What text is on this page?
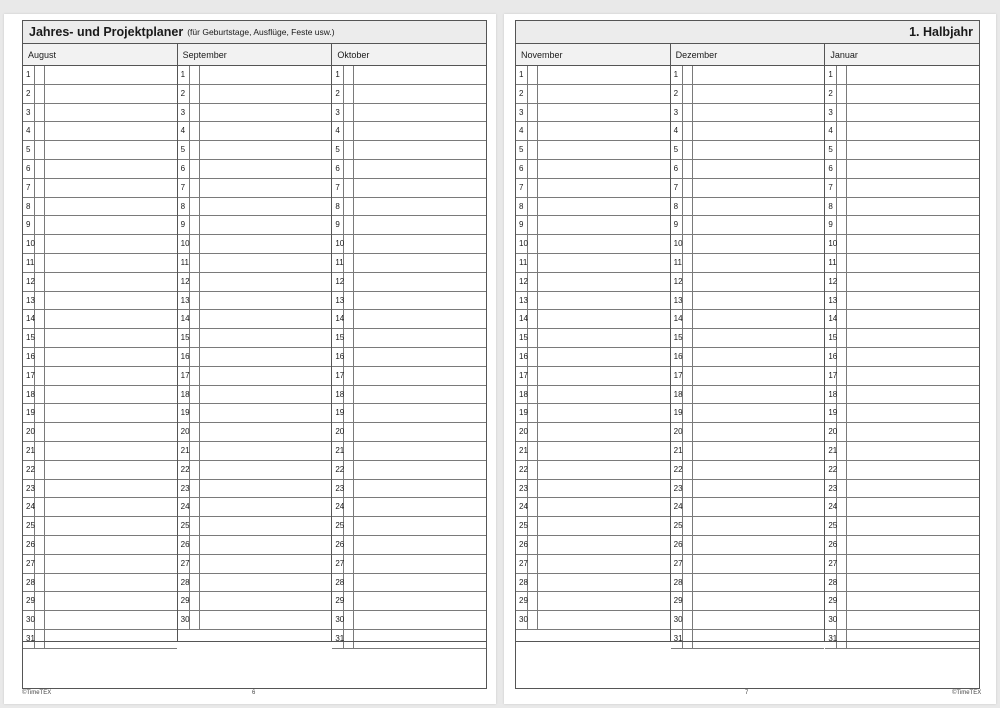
Jahres- und Projektplaner (für Geburtstage, Ausflüge, Feste usw.)
August
1
2
3
4
5
6
7
8
9
10
11
12
13
14
15
16
17
18
19
20
21
22
23
24
25
26
27
28
29
30
31
September
1
2
3
4
5
6
7
8
9
10
11
12
13
14
15
16
17
18
19
20
21
22
23
24
25
26
27
28
29
30
Oktober
1
2
3
4
5
6
7
8
9
10
11
12
13
14
15
16
17
18
19
20
21
22
23
24
25
26
27
28
29
30
31
©TimeTEX	6
1. Halbjahr
November
1
2
3
4
5
6
7
8
9
10
11
12
13
14
15
16
17
18
19
20
21
22
23
24
25
26
27
28
29
30
Dezember
1
2
3
4
5
6
7
8
9
10
11
12
13
14
15
16
17
18
19
20
21
22
23
24
25
26
27
28
29
30
31
Januar
1
2
3
4
5
6
7
8
9
10
11
12
13
14
15
16
17
18
19
20
21
22
23
24
25
26
27
28
29
30
31
7	©TimeTEX
